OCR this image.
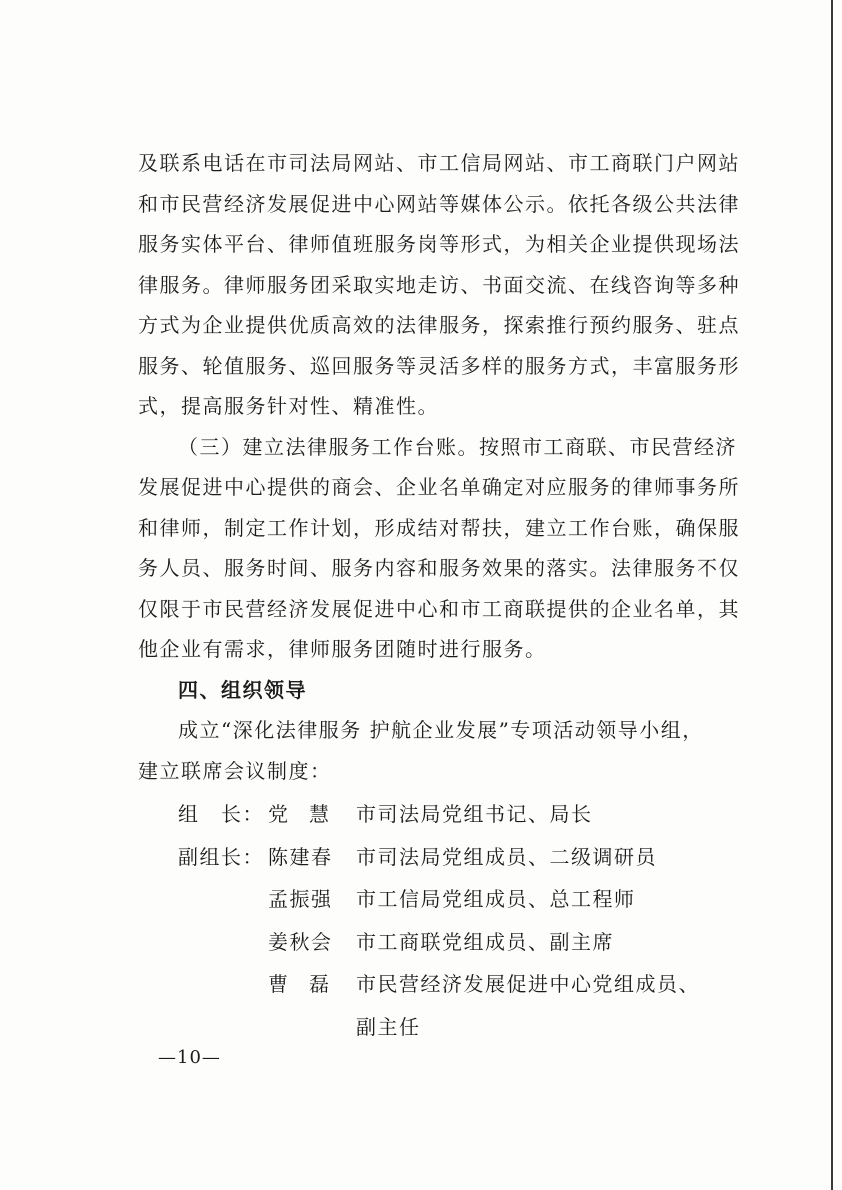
及联系电话在市司法局网站、市工信局网站、市工商联门户网站
和市民营经济发展促进中心网站等媒体公示。依托各级公共法律
服务实体平台、律师值班服务岗等形式，为相关企业提供现场法
律服务。律师服务团采取实地走访、书面交流、在线咨询等多种
方式为企业提供优质高效的法律服务，探索推行预约服务、驻点
服务、轮值服务、巡回服务等灵活多样的服务方式，丰富服务形
式，提高服务针对性、精准性。
（三）建立法律服务工作台账。按照市工商联、市民营经济
发展促进中心提供的商会、企业名单确定对应服务的律师事务所
和律师，制定工作计划，形成结对帮扶，建立工作台账，确保服
务人员、服务时间、服务内容和服务效果的落实。法律服务不仅
仅限于市民营经济发展促进中心和市工商联提供的企业名单，其
他企业有需求，律师服务团随时进行服务。
四、组织领导
成立“深化法律服务 护航企业发展”专项活动领导小组，
建立联席会议制度：
组　长： 党慧 市司法局党组书记、局长
副组长： 陈建春 市司法局党组成员、二级调研员
孟振强 市工信局党组成员、总工程师
姜秋会 市工商联党组成员、副主席
曹磊 市民营经济发展促进中心党组成员、
副主任
—10—
